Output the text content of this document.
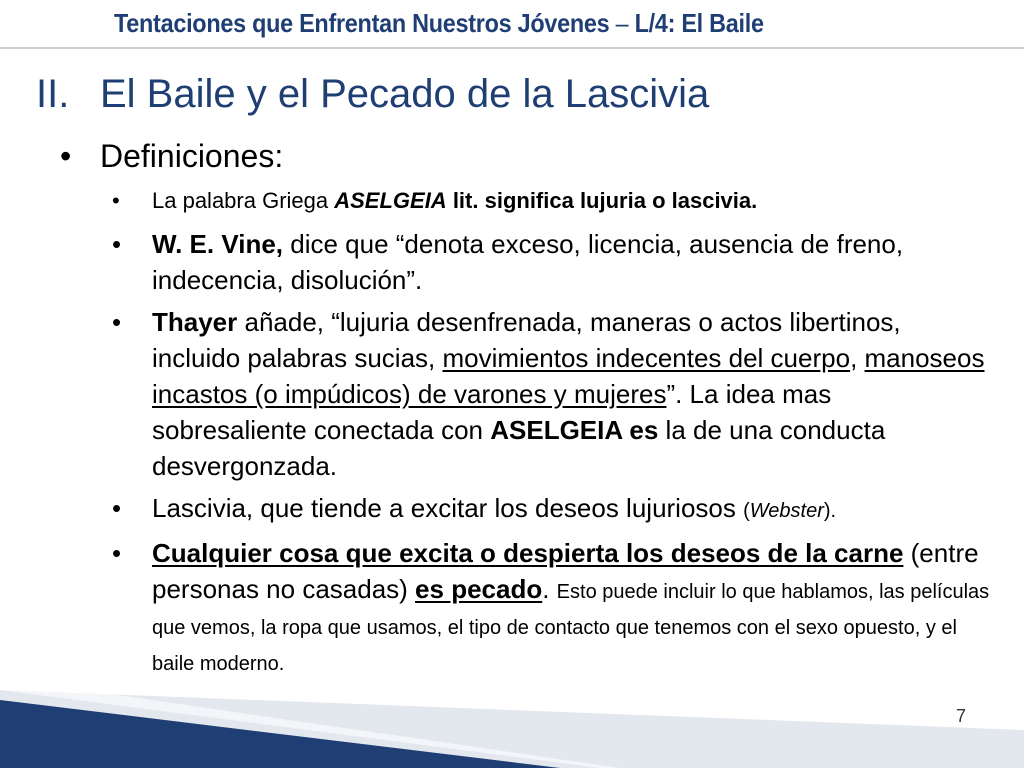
Tentaciones que Enfrentan Nuestros Jóvenes – L/4: El Baile
II. El Baile y el Pecado de la Lascivia
• Definiciones:
• La palabra Griega ASELGEIA lit. significa lujuria o lascivia.
• W. E. Vine, dice que “denota exceso, licencia, ausencia de freno, indecencia, disolución”.
• Thayer añade, “lujuria desenfrenada, maneras o actos libertinos, incluido palabras sucias, movimientos indecentes del cuerpo, manoseos incastos (o impúdicos) de varones y mujeres”. La idea mas sobresaliente conectada con ASELGEIA es la de una conducta desvergonzada.
• Lascivia, que tiende a excitar los deseos lujuriosos (Webster).
• Cualquier cosa que excita o despierta los deseos de la carne (entre personas no casadas) es pecado. Esto puede incluir lo que hablamos, las películas que vemos, la ropa que usamos, el tipo de contacto que tenemos con el sexo opuesto, y el baile moderno.
7
